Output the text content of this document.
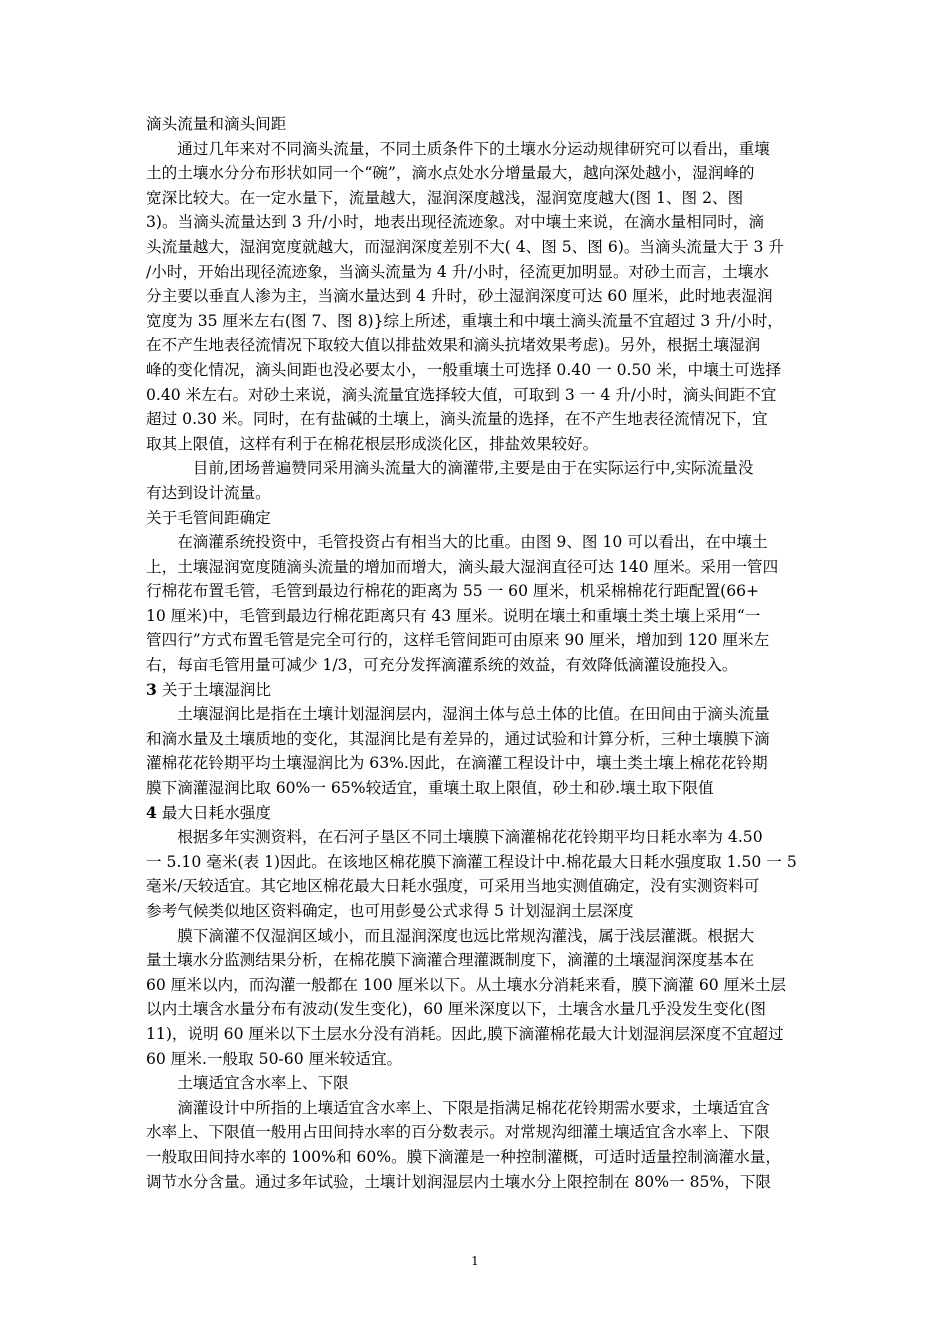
滴头流量和滴头间距
　　通过几年来对不同滴头流量，不同土质条件下的土壤水分运动规律研究可以看出，重壤
土的土壤水分分布形状如同一个“碗”，滴水点处水分增量最大，越向深处越小，湿润峰的
宽深比较大。在一定水量下，流量越大，湿润深度越浅，湿润宽度越大(图 1、图 2、图
3)。当滴头流量达到 3 升/小时，地表出现径流迹象。对中壤土来说，在滴水量相同时，滴
头流量越大，湿润宽度就越大，而湿润深度差别不大( 4、图 5、图 6)。当滴头流量大于 3 升
/小时，开始出现径流迹象，当滴头流量为 4 升/小时，径流更加明显。对砂土而言，土壤水
分主要以垂直人渗为主，当滴水量达到 4 升时，砂土湿润深度可达 60 厘米，此时地表湿润
宽度为 35 厘米左右(图 7、图 8)}综上所述，重壤土和中壤土滴头流量不宜超过 3 升/小时，
在不产生地表径流情况下取较大值以排盐效果和滴头抗堵效果考虑)。另外，根据土壤湿润
峰的变化情况，滴头间距也没必要太小，一般重壤土可选择 0.40 一 0.50 米，中壤土可选择
0.40 米左右。对砂土来说，滴头流量宜选择较大值，可取到 3 一 4 升/小时，滴头间距不宜
超过 0.30 米。同时，在有盐碱的土壤上，滴头流量的选择，在不产生地表径流情况下，宜
取其上限值，这样有利于在棉花根层形成淡化区，排盐效果较好。
　　　目前,团场普遍赞同采用滴头流量大的滴灌带,主要是由于在实际运行中,实际流量没
有达到设计流量。
关于毛管间距确定
　　在滴灌系统投资中，毛管投资占有相当大的比重。由图 9、图 10 可以看出，在中壤土
上，土壤湿润宽度随滴头流量的增加而增大，滴头最大湿润直径可达 140 厘米。采用一管四
行棉花布置毛管，毛管到最边行棉花的距离为 55 一 60 厘米，机采棉棉花行距配置(66+
10 厘米)中，毛管到最边行棉花距离只有 43 厘米。说明在壤土和重壤土类土壤上采用“一
管四行”方式布置毛管是完全可行的，这样毛管间距可由原来 90 厘米，增加到 120 厘米左
右，每亩毛管用量可减少 1/3，可充分发挥滴灌系统的效益，有效降低滴灌设施投入。
3 关于土壤湿润比
　　土壤湿润比是指在土壤计划湿润层内，湿润土体与总土体的比值。在田间由于滴头流量
和滴水量及土壤质地的变化，其湿润比是有差异的，通过试验和计算分析，三种土壤膜下滴
灌棉花花铃期平均土壤湿润比为 63%.因此，在滴灌工程设计中，壤土类土壤上棉花花铃期
膜下滴灌湿润比取 60%一 65%较适宜，重壤土取上限值，砂土和砂.壤土取下限值
4 最大日耗水强度
　　根据多年实测资料，在石河子垦区不同土壤膜下滴灌棉花花铃期平均日耗水率为 4.50
一 5.10 毫米(表 1)因此。在该地区棉花膜下滴灌工程设计中.棉花最大日耗水强度取 1.50 一 5
毫米/天较适宜。其它地区棉花最大日耗水强度，可采用当地实测值确定，没有实测资料可
参考气候类似地区资料确定，也可用彭曼公式求得 5 计划湿润土层深度
　　膜下滴灌不仅湿润区域小，而且湿润深度也远比常规沟灌浅，属于浅层灌溉。根据大
量土壤水分监测结果分析，在棉花膜下滴灌合理灌溉制度下，滴灌的土壤湿润深度基本在
60 厘米以内，而沟灌一般都在 100 厘米以下。从土壤水分消耗来看，膜下滴灌 60 厘米土层
以内土壤含水量分布有波动(发生变化)，60 厘米深度以下，土壤含水量几乎没发生变化(图
11)，说明 60 厘米以下土层水分没有消耗。因此,膜下滴灌棉花最大计划湿润层深度不宜超过
60 厘米.一般取 50-60 厘米较适宜。
　　土壤适宜含水率上、下限
　　滴灌设计中所指的上壤适宜含水率上、下限是指满足棉花花铃期需水要求，土壤适宜含
水率上、下限值一般用占田间持水率的百分数表示。对常规沟细灌土壤适宜含水率上、下限
一般取田间持水率的 100%和 60%。膜下滴灌是一种控制灌概，可适时适量控制滴灌水量，
调节水分含量。通过多年试验，土壤计划润湿层内土壤水分上限控制在 80%一 85%，下限
1
